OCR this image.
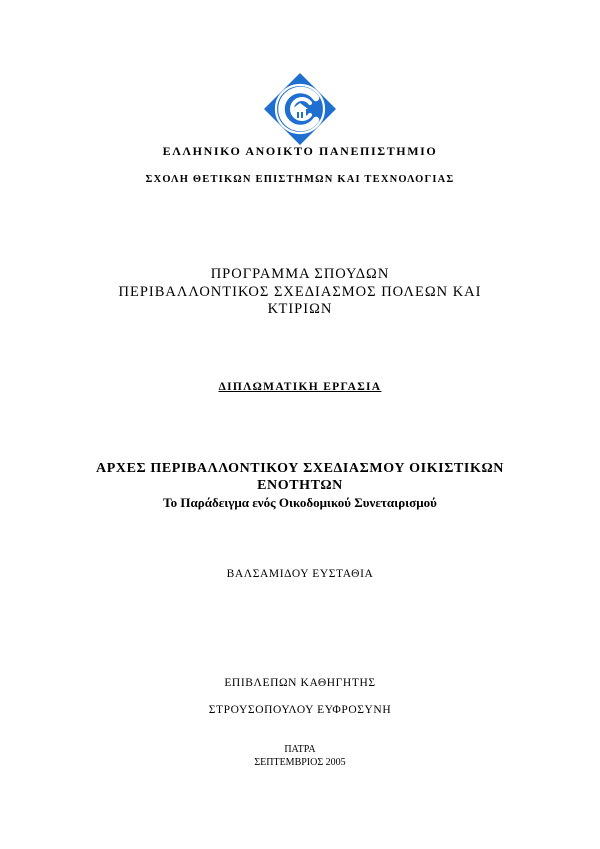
ΕΛΛΗΝΙΚΟ ΑΝΟΙΚΤΟ ΠΑΝΕΠΙΣΤΗΜΙΟ
ΣΧΟΛΗ ΘΕΤΙΚΩΝ ΕΠΙΣΤΗΜΩΝ ΚΑΙ ΤΕΧΝΟΛΟΓΙΑΣ
ΠΡΟΓΡΑΜΜΑ ΣΠΟΥΔΩΝ
ΠΕΡΙΒΑΛΛΟΝΤΙΚΟΣ ΣΧΕΔΙΑΣΜΟΣ ΠΟΛΕΩΝ ΚΑΙ
ΚΤΙΡΙΩΝ
ΔΙΠΛΩΜΑΤΙΚΗ ΕΡΓΑΣΙΑ
ΑΡΧΕΣ ΠΕΡΙΒΑΛΛΟΝΤΙΚΟΥ ΣΧΕΔΙΑΣΜΟΥ ΟΙΚΙΣΤΙΚΩΝ
ΕΝΟΤΗΤΩΝ
Το Παράδειγμα ενός Οικοδομικού Συνεταιρισμού
ΒΑΛΣΑΜΙΔΟΥ ΕΥΣΤΑΘΙΑ
ΕΠΙΒΛΕΠΩΝ ΚΑΘΗΓΗΤΗΣ
ΣΤΡΟΥΣΟΠΟΥΛΟΥ ΕΥΦΡΟΣΥΝΗ
ΠΑΤΡΑ
ΣΕΠΤΕΜΒΡΙΟΣ 2005
